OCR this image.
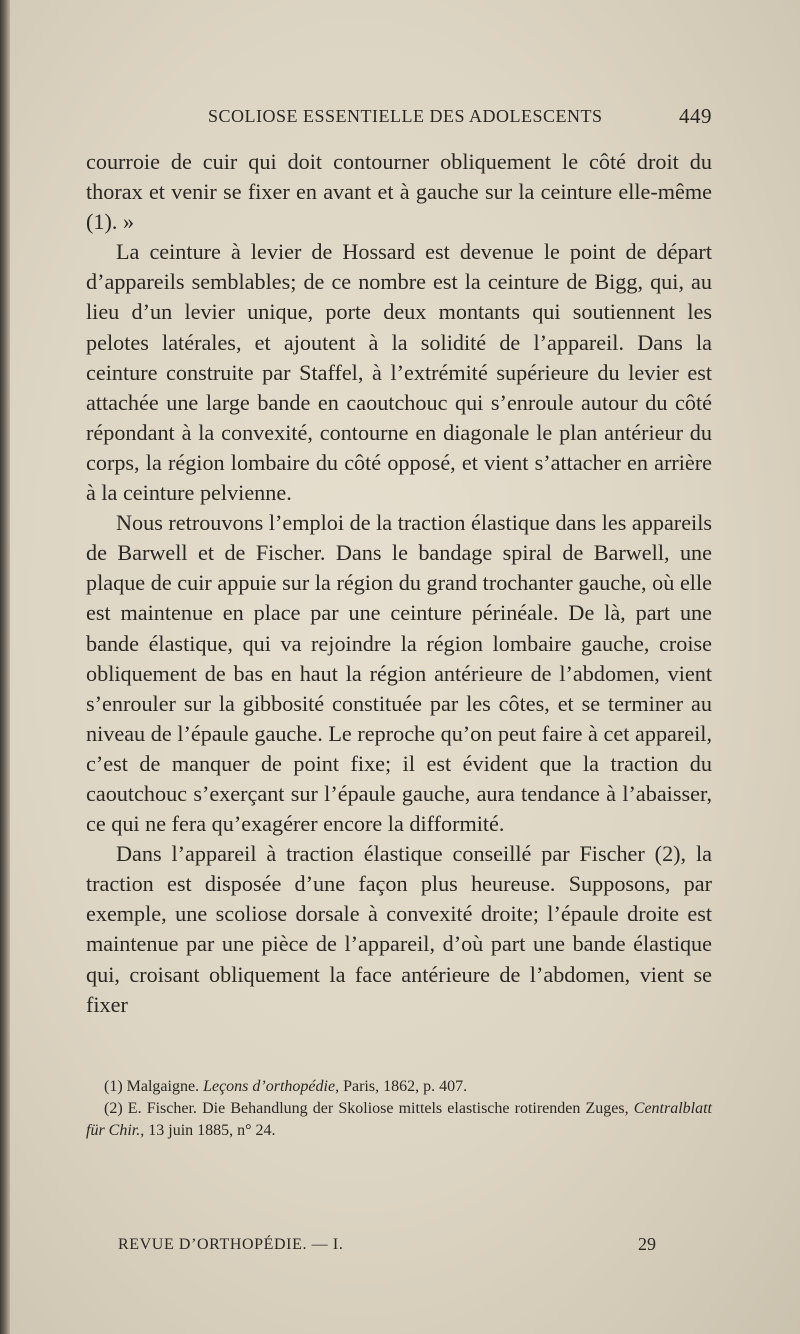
SCOLIOSE ESSENTIELLE DES ADOLESCENTS	449

courroie de cuir qui doit contourner obliquement le côté droit du thorax et venir se fixer en avant et à gauche sur la ceinture elle-même (1). »

La ceinture à levier de Hossard est devenue le point de départ d’appareils semblables; de ce nombre est la ceinture de Bigg, qui, au lieu d’un levier unique, porte deux montants qui soutiennent les pelotes latérales, et ajoutent à la solidité de l’appareil. Dans la ceinture construite par Staffel, à l’extrémité supérieure du levier est attachée une large bande en caoutchouc qui s’enroule autour du côté répondant à la convexité, contourne en diagonale le plan antérieur du corps, la région lombaire du côté opposé, et vient s’attacher en arrière à la ceinture pelvienne.

Nous retrouvons l’emploi de la traction élastique dans les appareils de Barwell et de Fischer. Dans le bandage spiral de Barwell, une plaque de cuir appuie sur la région du grand trochanter gauche, où elle est maintenue en place par une ceinture périnéale. De là, part une bande élastique, qui va rejoindre la région lombaire gauche, croise obliquement de bas en haut la région antérieure de l’abdomen, vient s’enrouler sur la gibbosité constituée par les côtes, et se terminer au niveau de l’épaule gauche. Le reproche qu’on peut faire à cet appareil, c’est de manquer de point fixe; il est évident que la traction du caoutchouc s’exerçant sur l’épaule gauche, aura tendance à l’abaisser, ce qui ne fera qu’exagérer encore la difformité.

Dans l’appareil à traction élastique conseillé par Fischer (2), la traction est disposée d’une façon plus heureuse. Supposons, par exemple, une scoliose dorsale à convexité droite; l’épaule droite est maintenue par une pièce de l’appareil, d’où part une bande élastique qui, croisant obliquement la face antérieure de l’abdomen, vient se fixer

(1) Malgaigne. Leçons d’orthopédie, Paris, 1862, p. 407.

(2) E. Fischer. Die Behandlung der Skoliose mittels elastische rotirenden Zuges, Centralblatt für Chir., 13 juin 1885, n° 24.

REVUE D’ORTHOPÉDIE. — I.	29
